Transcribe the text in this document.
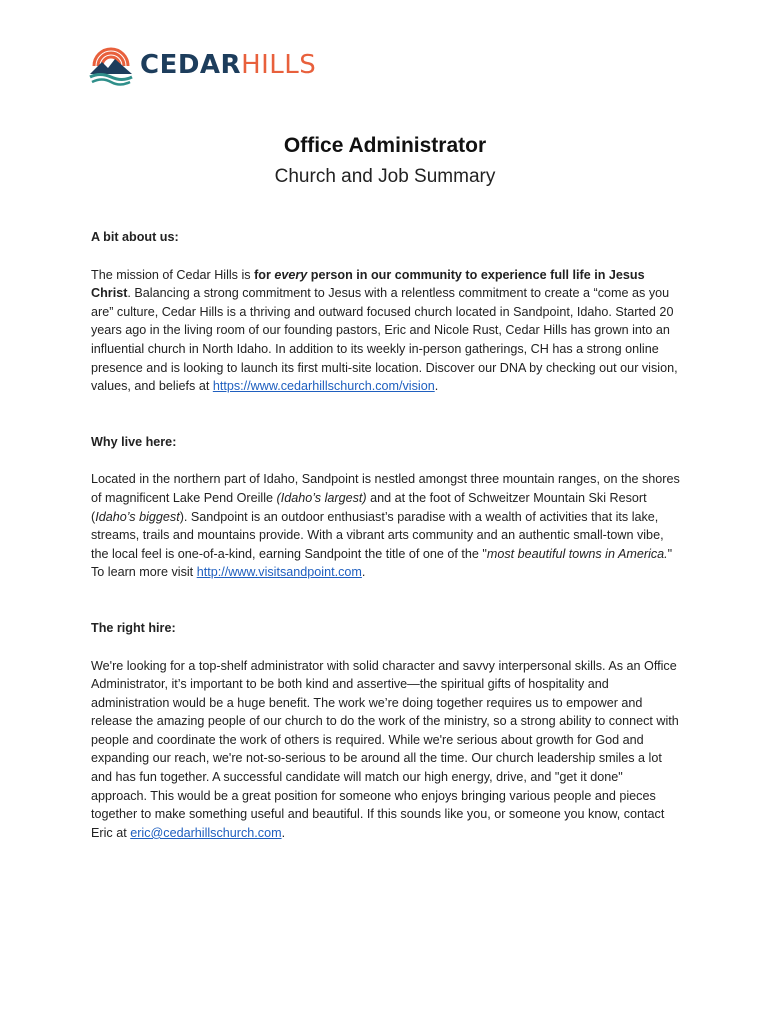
CEDARHILLS
Office Administrator
Church and Job Summary

A bit about us:

The mission of Cedar Hills is for every person in our community to experience full life in Jesus Christ. Balancing a strong commitment to Jesus with a relentless commitment to create a “come as you are” culture, Cedar Hills is a thriving and outward focused church located in Sandpoint, Idaho. Started 20 years ago in the living room of our founding pastors, Eric and Nicole Rust, Cedar Hills has grown into an influential church in North Idaho. In addition to its weekly in-person gatherings, CH has a strong online presence and is looking to launch its first multi-site location. Discover our DNA by checking out our vision, values, and beliefs at https://www.cedarhillschurch.com/vision.

Why live here:

Located in the northern part of Idaho, Sandpoint is nestled amongst three mountain ranges, on the shores of magnificent Lake Pend Oreille (Idaho’s largest) and at the foot of Schweitzer Mountain Ski Resort (Idaho’s biggest). Sandpoint is an outdoor enthusiast’s paradise with a wealth of activities that its lake, streams, trails and mountains provide. With a vibrant arts community and an authentic small-town vibe, the local feel is one-of-a-kind, earning Sandpoint the title of one of the "most beautiful towns in America." To learn more visit http://www.visitsandpoint.com.

The right hire:

We're looking for a top-shelf administrator with solid character and savvy interpersonal skills. As an Office Administrator, it’s important to be both kind and assertive—the spiritual gifts of hospitality and administration would be a huge benefit. The work we’re doing together requires us to empower and release the amazing people of our church to do the work of the ministry, so a strong ability to connect with people and coordinate the work of others is required. While we're serious about growth for God and expanding our reach, we're not-so-serious to be around all the time. Our church leadership smiles a lot and has fun together. A successful candidate will match our high energy, drive, and "get it done" approach. This would be a great position for someone who enjoys bringing various people and pieces together to make something useful and beautiful. If this sounds like you, or someone you know, contact Eric at eric@cedarhillschurch.com.
